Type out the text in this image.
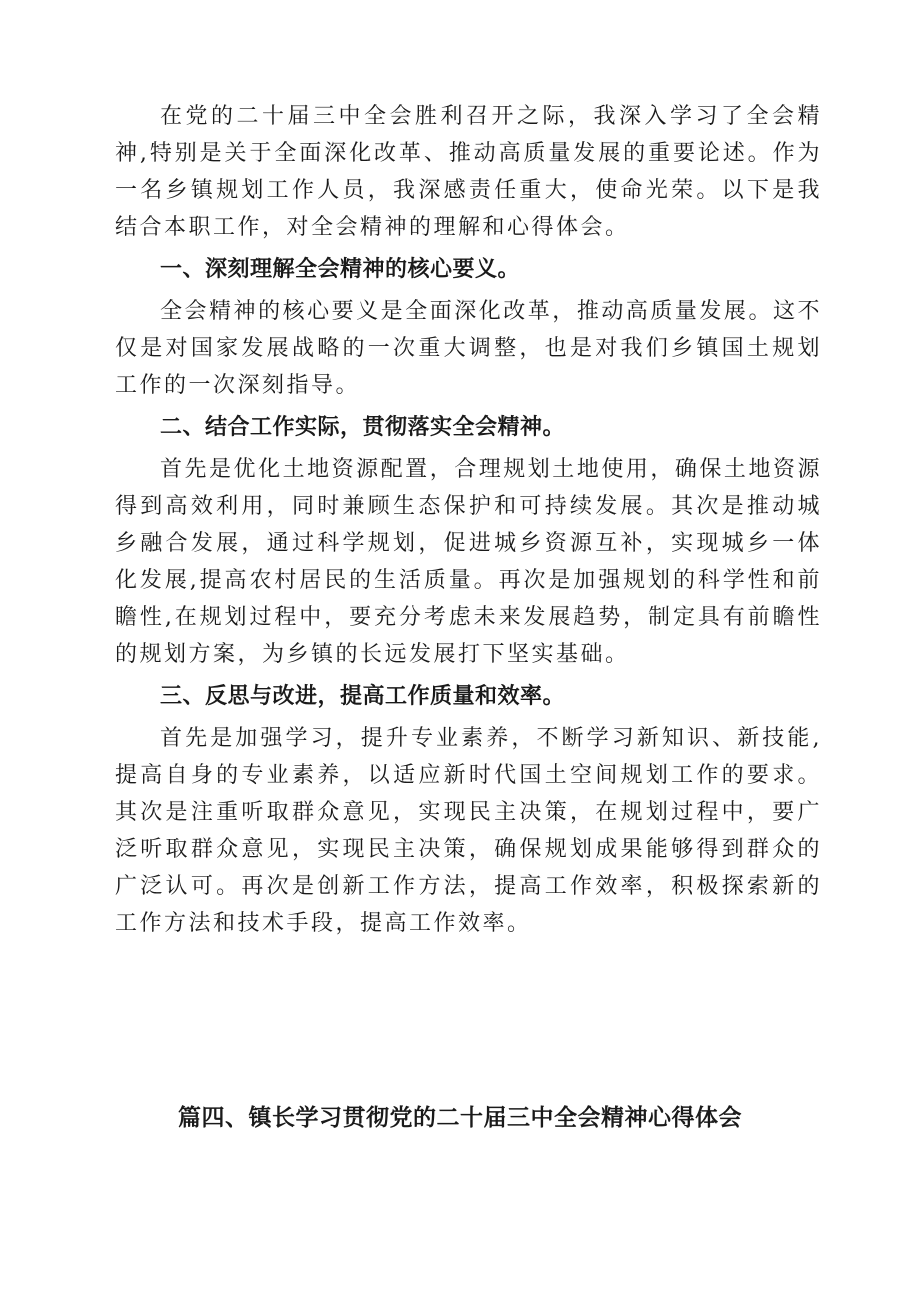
在党的二十届三中全会胜利召开之际，我深入学习了全会精神,特别是关于全面深化改革、推动高质量发展的重要论述。作为一名乡镇规划工作人员，我深感责任重大，使命光荣。以下是我结合本职工作，对全会精神的理解和心得体会。

一、深刻理解全会精神的核心要义。

全会精神的核心要义是全面深化改革，推动高质量发展。这不仅是对国家发展战略的一次重大调整，也是对我们乡镇国土规划工作的一次深刻指导。

二、结合工作实际，贯彻落实全会精神。

首先是优化土地资源配置，合理规划土地使用，确保土地资源得到高效利用，同时兼顾生态保护和可持续发展。其次是推动城乡融合发展，通过科学规划，促进城乡资源互补，实现城乡一体化发展,提高农村居民的生活质量。再次是加强规划的科学性和前瞻性,在规划过程中，要充分考虑未来发展趋势，制定具有前瞻性的规划方案，为乡镇的长远发展打下坚实基础。

三、反思与改进，提高工作质量和效率。

首先是加强学习，提升专业素养，不断学习新知识、新技能,提高自身的专业素养，以适应新时代国土空间规划工作的要求。其次是注重听取群众意见，实现民主决策，在规划过程中，要广泛听取群众意见，实现民主决策，确保规划成果能够得到群众的广泛认可。再次是创新工作方法，提高工作效率，积极探索新的工作方法和技术手段，提高工作效率。

篇四、镇长学习贯彻党的二十届三中全会精神心得体会
